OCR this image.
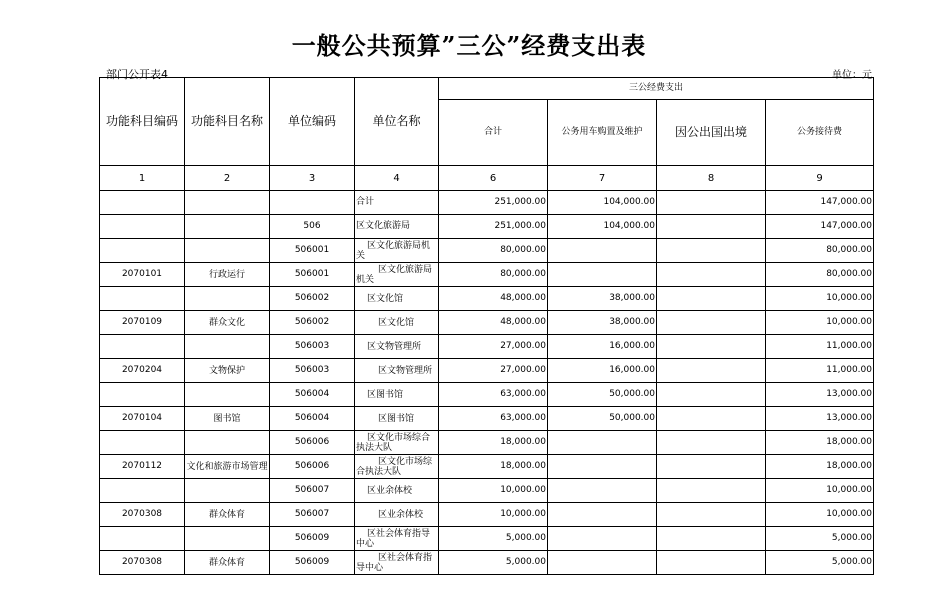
一般公共预算”三公”经费支出表
部门公开表4	单位：元
功能科目编码	功能科目名称	单位编码	单位名称	三公经费支出			
				合计	公务用车购置及维护	因公出国出境	公务接待费
1	2	3	4	6	7	8	9
			合计	251,000.00	104,000.00		147,000.00
		506	区文化旅游局	251,000.00	104,000.00		147,000.00
		506001	区文化旅游局机关	80,000.00			80,000.00
2070101	行政运行	506001	区文化旅游局机关	80,000.00			80,000.00
		506002	区文化馆	48,000.00	38,000.00		10,000.00
2070109	群众文化	506002	区文化馆	48,000.00	38,000.00		10,000.00
		506003	区文物管理所	27,000.00	16,000.00		11,000.00
2070204	文物保护	506003	区文物管理所	27,000.00	16,000.00		11,000.00
		506004	区图书馆	63,000.00	50,000.00		13,000.00
2070104	图书馆	506004	区图书馆	63,000.00	50,000.00		13,000.00
		506006	区文化市场综合执法大队	18,000.00			18,000.00
2070112	文化和旅游市场管理	506006	区文化市场综合执法大队	18,000.00			18,000.00
		506007	区业余体校	10,000.00			10,000.00
2070308	群众体育	506007	区业余体校	10,000.00			10,000.00
		506009	区社会体育指导中心	5,000.00			5,000.00
2070308	群众体育	506009	区社会体育指导中心	5,000.00			5,000.00
